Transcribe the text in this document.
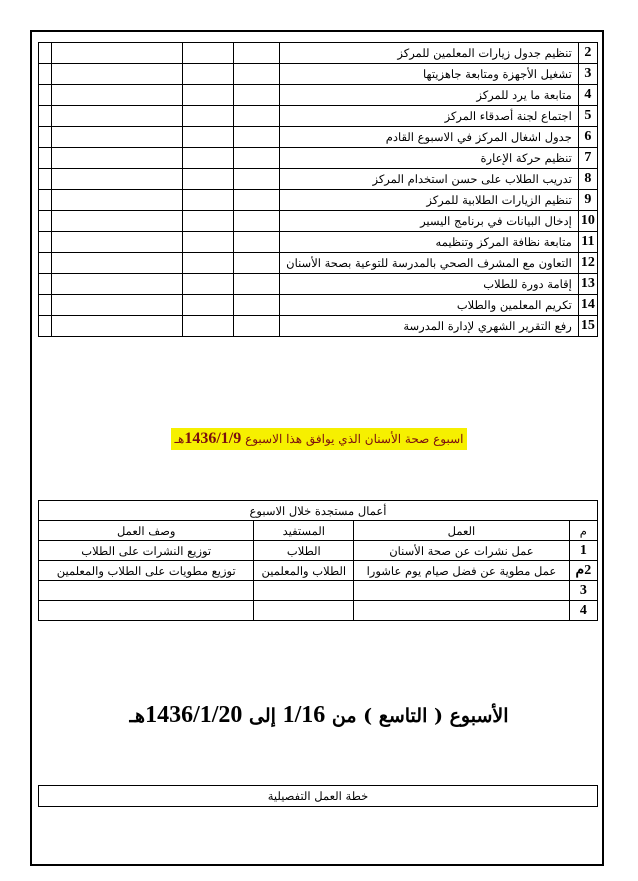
2	تنظيم جدول زيارات المعلمين للمركز				
3	تشغيل الأجهزة ومتابعة جاهزيتها				
4	متابعة ما يرد للمركز				
5	اجتماع لجنة أصدقاء المركز				
6	جدول اشغال المركز في الاسبوع القادم				
7	تنظيم حركة الإعارة				
8	تدريب الطلاب على حسن استخدام المركز				
9	تنظيم الزيارات الطلابية للمركز				
10	إدخال البيانات في برنامج اليسير				
11	متابعة نظافة المركز وتنظيمه				
12	التعاون مع المشرف الصحي بالمدرسة للتوعية بصحة الأسنان				
13	إقامة دورة للطلاب				
14	تكريم المعلمين والطلاب				
15	رفع التقرير الشهري لإدارة المدرسة				
اسبوع صحة الأسنان الذي يوافق هذا الاسبوع 1436/1/9هـ
أعمال مستجدة خلال الاسبوع			
م	العمل	المستفيد	وصف العمل
1	عمل نشرات عن صحة الأسنان	الطلاب	توزيع النشرات على الطلاب
2م	عمل مطوية عن فضل صيام يوم عاشورا	الطلاب والمعلمين	توزيع مطويات على الطلاب والمعلمين
3			
4			
الأسبوع ( التاسع ) من 1/16 إلى 1436/1/20هـ
خطة العمل التفصيلية
